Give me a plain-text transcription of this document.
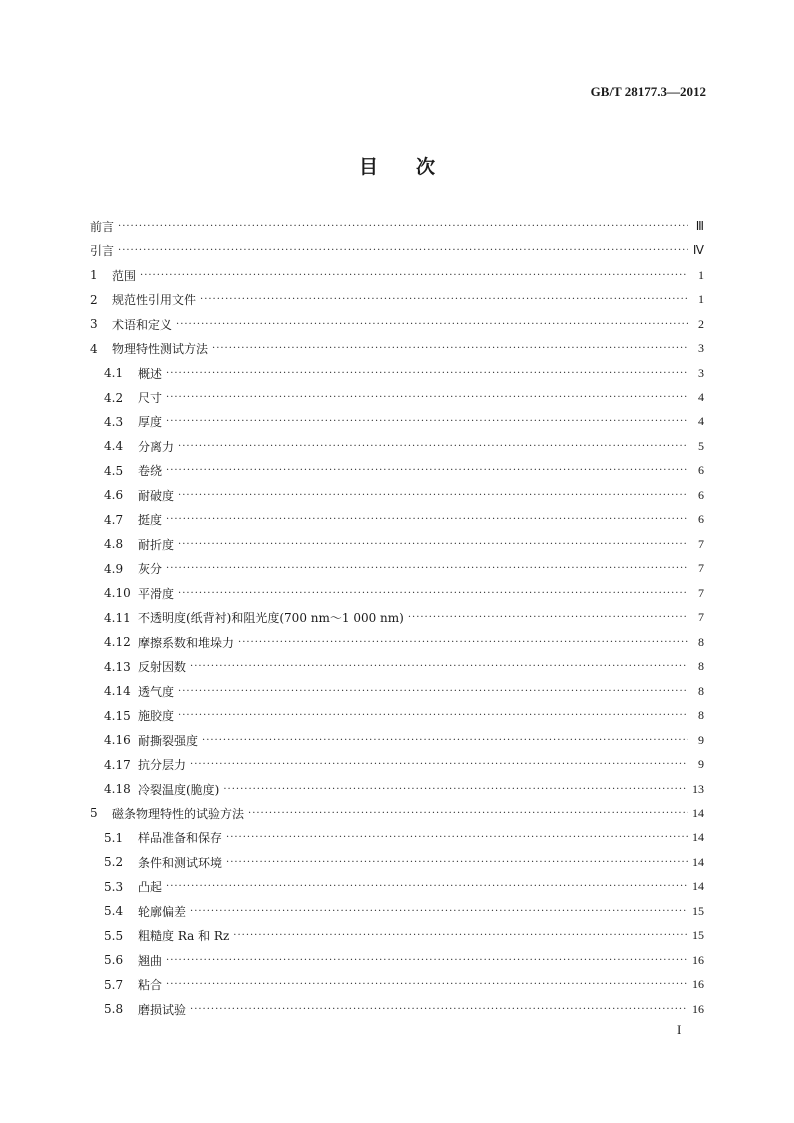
GB/T 28177.3—2012
目次
前言 ·····	Ⅲ
引言 ·····	Ⅳ
1	范围 ·····	1
2	规范性引用文件 ·····	1
3	术语和定义 ·····	2
4	物理特性测试方法 ·····	3
4.1	概述 ·····	3
4.2	尺寸 ·····	4
4.3	厚度 ·····	4
4.4	分离力 ·····	5
4.5	卷绕 ·····	6
4.6	耐破度 ·····	6
4.7	挺度 ·····	6
4.8	耐折度 ·····	7
4.9	灰分 ·····	7
4.10 平滑度 ·····	7
4.11 不透明度(纸背衬)和阻光度(700 nm～1 000 nm) ·····	7
4.12 摩擦系数和堆垛力 ·····	8
4.13 反射因数 ·····	8
4.14 透气度 ·····	8
4.15 施胶度 ·····	8
4.16 耐撕裂强度 ·····	9
4.17 抗分层力 ·····	9
4.18 冷裂温度(脆度) ·····	13
5	磁条物理特性的试验方法 ·····	14
5.1	样品准备和保存 ·····	14
5.2	条件和测试环境 ·····	14
5.3	凸起 ·····	14
5.4	轮廓偏差 ·····	15
5.5	粗糙度 Ra 和 Rz ·····	15
5.6	翘曲 ·····	16
5.7	粘合 ·····	16
5.8	磨损试验 ·····	16
I
